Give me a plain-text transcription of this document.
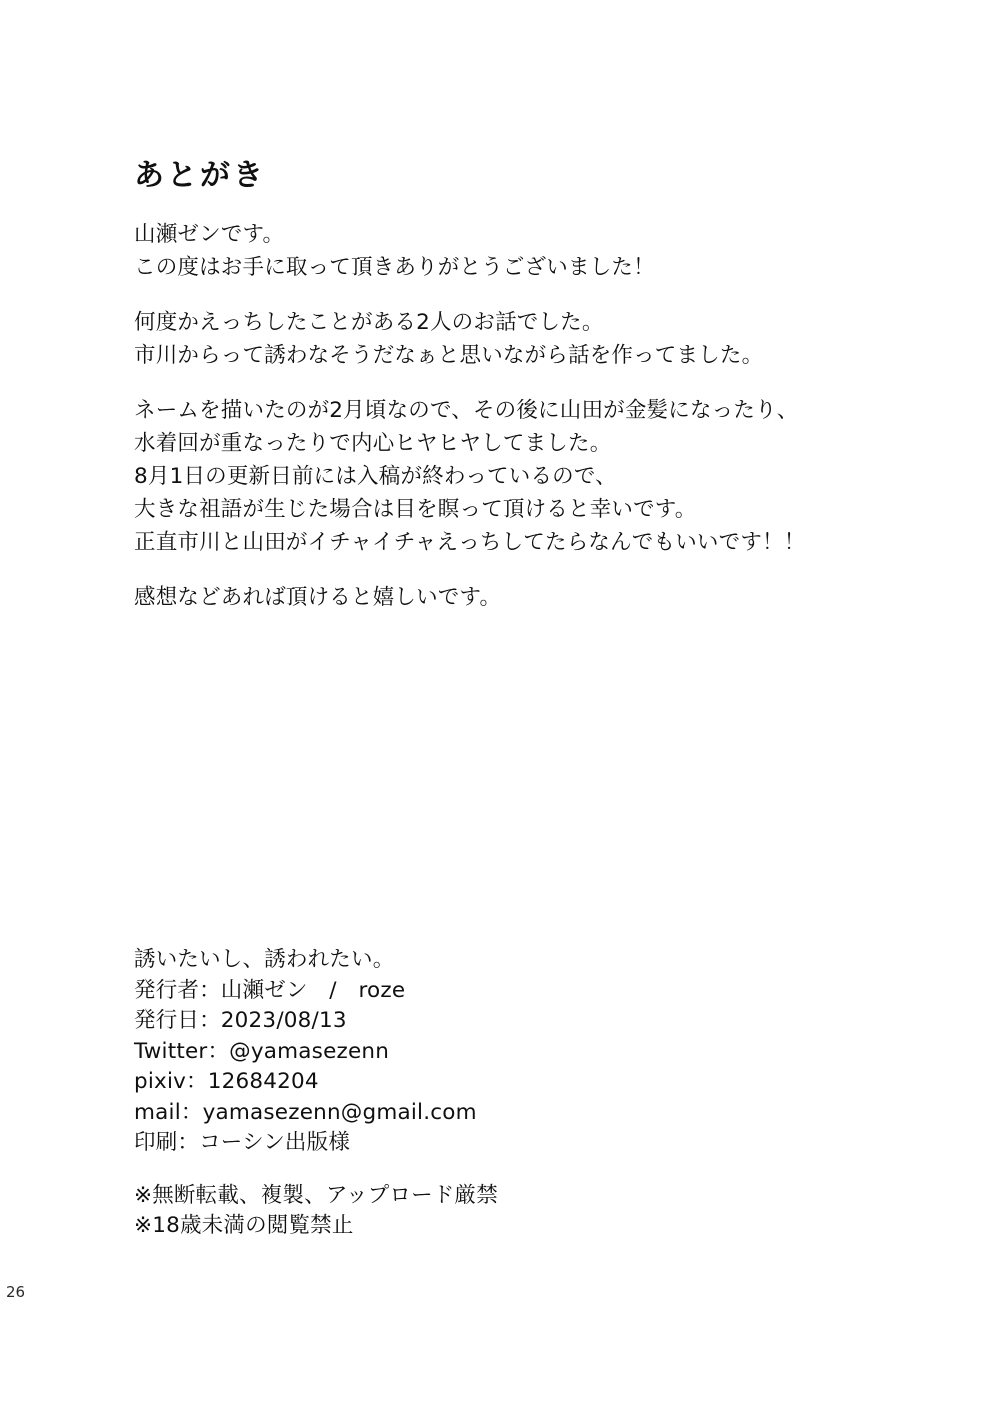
26
あとがき
山瀬ゼンです。
この度はお手に取って頂きありがとうございました！
何度かえっちしたことがある2人のお話でした。
市川からって誘わなそうだなぁと思いながら話を作ってました。
ネームを描いたのが2月頃なので、その後に山田が金髪になったり、
水着回が重なったりで内心ヒヤヒヤしてました。
8月1日の更新日前には入稿が終わっているので、
大きな祖語が生じた場合は目を瞑って頂けると幸いです。
正直市川と山田がイチャイチャえっちしてたらなんでもいいです！！
感想などあれば頂けると嬉しいです。
誘いたいし、誘われたい。
発行者：山瀬ゼン　/　roze
発行日：2023/08/13
Twitter：@yamasezenn
pixiv：12684204
mail：yamasezenn@gmail.com
印刷：コーシン出版様
※無断転載、複製、アップロード厳禁
※18歳未満の閲覧禁止
